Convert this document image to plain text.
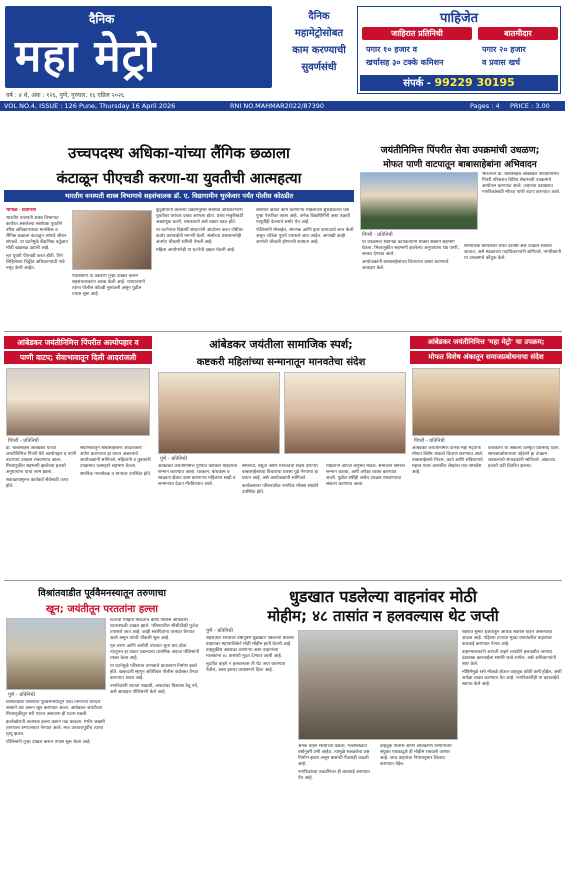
दैनिक
महा मेट्रो
दैनिक
महामेट्रोसोबत
काम करण्याची
सुवर्णसंधी
पाहिजेत
जाहिरात प्रतिनिधी	बातमीदार
पगार १० हजार व	पगार २० हजार
खर्चासह ३० टक्के कमिशन	व प्रवास खर्च
संपर्क - 99229 30195
वर्ष : ४ थे, अंक : १२६, पुणे, गुरुवार, १६ एप्रिल २०२६
VOL NO.4, ISSUE : 126 Pune, Thursday 16 April 2026	RNI NO.MAHMAR2022/87390	Pages : 4 PRICE : 3.00
उच्चपदस्थ अधिका-यांच्या लैंगिक छळाला
कंटाळून पीएचडी करणा-या युवतीची आत्महत्या
भारतीय वनस्पती शास्त्र विभागाचे सहसंचालक डॉ. ए. विद्यागामीन भुरकेवार पर्यंत पोलीस कोठडीत

भोपाळ - प्रतिनिधी

भारतीय वनस्पती शास्त्र विभागात कार्यरत असलेल्या संशोधक युवतीने वरिष्ठ अधिकाऱ्यांच्या मानसिक व लैंगिक छळाला कंटाळून आपले जीवन संपवले. या घटनेमुळे शैक्षणिक वर्तुळात मोठी खळबळ उडाली आहे.

मृत युवती पीएचडी करत होती. तिने लिहिलेल्या चिठ्ठीत अधिकाऱ्यांची नावे नमूद केली आहेत.

पोलिसांनी या प्रकरणी गुन्हा दाखल करून सहसंचालकांना अटक केली आहे. न्यायालयाने त्यांना पोलीस कोठडी सुनावली असून पुढील तपास सुरू आहे.

कुटुंबीयांनी केलेल्या तक्रारीनुसार संबंधित अधिकाऱ्यांनी युवतीवर वारंवार दबाव आणला होता. प्रबंध मंजुरीसाठी अडवणूक करणे, धमकावणे असे प्रकार घडत होते.

या घटनेनंतर विद्यार्थी संघटनांनी आंदोलन करत दोषींवर कठोर कारवाईची मागणी केली. संस्थेच्या प्रशासनानेही अंतर्गत चौकशी समिती नेमली आहे.

महिला आयोगानेही या घटनेची दखल घेतली आहे.

संशोधन क्षेत्रात काम करणाऱ्या महिलांच्या सुरक्षिततेचा प्रश्न पुन्हा ऐरणीवर आला आहे. अनेक विद्यार्थिनींनी अशा तक्रारी यापूर्वीही केल्याचे समोर येत आहे.

पोलिसांनी मोबाईल, संगणक आणि इतर कागदपत्रे जप्त केली असून तांत्रिक पुरावे तपासले जात आहेत. आणखी काही जणांची चौकशी होण्याची शक्यता आहे.

जयंतीनिमित्त पिंपरीत सेवा उपक्रमांची उधळण;
मोफत पाणी वाटपातून बाबासाहेबांना अभिवादन
पिंपरी - प्रतिनिधी

भारतरत्न डॉ. बाबासाहेब आंबेडकर जयंतीनिमित्त पिंपरी परिसरात विविध सेवाभावी उपक्रमांचे आयोजन करण्यात आले. उन्हाच्या तडाख्यात नागरिकांसाठी मोफत पाणी वाटप करण्यात आले.

या उपक्रमात स्थानिक कार्यकर्त्यांनी मोठ्या संख्येने सहभाग घेतला. मिरवणुकीत सहभागी झालेल्या अनुयायांना थंड पाणी, सरबत देण्यात आले.

आयोजकांनी बाबासाहेबांच्या विचारांचा प्रसार करण्याचे आवाहन केले.

सामाजिक बांधिलकी जपत दरवर्षी असे उपक्रम राबवले जातात, असे मंडळाच्या पदाधिकाऱ्यांनी सांगितले. नागरिकांनी या उपक्रमाचे कौतुक केले.

आंबेडकर जयंतीनिमित्त पिंपरीत अल्पोपहार व
पाणी वाटप; सेवाभावातून दिली आदरांजली
पिंपरी - प्रतिनिधी

डॉ. बाबासाहेब आंबेडकर यांच्या जयंतीनिमित्त पिंपरी येथे अल्पोपहार व पाणी वाटपाचा उपक्रम राबवण्यात आला. मिरवणुकीत सहभागी झालेल्या हजारो अनुयायांना याचा लाभ झाला.

सकाळपासूनच कार्यकर्ते सेवेसाठी तत्पर होते.

सेवाभावातून बाबासाहेबांना आदरांजली अर्पण करण्याचा हा प्रयत्न असल्याचे आयोजकांनी सांगितले. महिलांनी व युवकांनी उपक्रमात उत्साहाने सहभाग घेतला.

स्थानिक नगरसेवक व मान्यवर उपस्थित होते.

आंबेडकर जयंतीला सामाजिक स्पर्श;
कष्टकरी महिलांच्या सन्मानातून मानवतेचा संदेश
पुणे - प्रतिनिधी

आंबेडकर जयंतीनिमित्त पुण्यात कष्टकरी महिलांचा सन्मान करण्यात आला. घरकाम, बांधकाम व स्वच्छता क्षेत्रात काम करणाऱ्या महिलांना साडी व सन्मानपत्र देऊन गौरविण्यात आले.

समानता, बंधुता आणि मानवतेचा संदेश देणाऱ्या बाबासाहेबांच्या विचारांचा वारसा पुढे नेण्याचा हा प्रयत्न आहे, असे आयोजकांनी सांगितले.

कार्यक्रमाला परिसरातील नागरिक मोठ्या संख्येने उपस्थित होते.

महिलांनी आपले अनुभव मांडले. समाजाने श्रमाचा सन्मान करावा, अशी अपेक्षा व्यक्त करण्यात आली. पुढील वर्षीही असेच उपक्रम राबवण्याचा संकल्प करण्यात आला.

आंबेडकर जयंतीनिमित्त 'महा मेट्रो' चा उपक्रम;
मोफत विशेष अंकातून समाजप्रबोधनाचा संदेश
पिंपरी - प्रतिनिधी

आंबेडकर जयंतीनिमित्त दैनिक महा मेट्रोतर्फे मोफत विशेष अंकाचे वितरण करण्यात आले. बाबासाहेबांचे विचार, कार्य आणि संविधानाचे महत्त्व यावर आधारित लेखांचा यात समावेश आहे.

वाचकांनी या अंकाला उत्स्फूर्त प्रतिसाद दिला. समाजप्रबोधनाच्या उद्देशाने हा उपक्रम राबवल्याचे संपादकांनी सांगितले. अंकाच्या हजारो प्रती वितरित झाल्या.

विश्रांतवाडीत पूर्ववैमनस्यातून तरुणाचा
खून; जयंतीतून परततांना हल्ला
पुणे - प्रतिनिधी

विश्रांतवाडी परिसरात पूर्ववैमनस्यातून एका तरुणाचा धारदार शस्त्राने वार करून खून करण्यात आला. आंबेडकर जयंतीच्या मिरवणुकीतून घरी परतत असताना ही घटना घडली.

हल्लेखोरांनी अचानक हल्ला करून पळ काढला. गंभीर जखमी तरुणाला रुग्णालयात नेण्यात आले, मात्र उपचारापूर्वीच त्याचा मृत्यू झाला.

पोलिसांनी गुन्हा दाखल करून तपास सुरू केला आहे.

घटनेची माहिती मिळताच वरिष्ठ पोलीस अधिकारी घटनास्थळी दाखल झाले. परिसरातील सीसीटीव्ही फुटेज तपासले जात आहे. काही संशयितांना ताब्यात घेण्यात आले असून त्यांची चौकशी सुरू आहे.

मृत तरुण आणि आरोपी यांच्यात जुना वाद होता. त्यातूनच हा प्रकार घडल्याचा प्राथमिक अंदाज पोलिसांनी व्यक्त केला आहे.

या घटनेमुळे परिसरात तणावाचे वातावरण निर्माण झाले होते. खबरदारी म्हणून अतिरिक्त पोलीस बंदोबस्त तैनात करण्यात आला आहे.

नागरिकांनी शांतता राखावी, अफवांवर विश्वास ठेवू नये, असे आवाहन पोलिसांनी केले आहे.

धुडखात पडलेल्या वाहनांवर मोठी
मोहीम; ४८ तासांत न हलवल्यास थेट जप्ती
पुणे - प्रतिनिधी

शहरातील रस्त्यांवर वर्षानुवर्षे धूळखात पडलेल्या बेवारस वाहनांवर महापालिकेने मोठी मोहीम हाती घेतली आहे. वाहतुकीस अडथळा ठरणाऱ्या अशा वाहनांच्या मालकांना ४८ तासांची मुदत देण्यात आली आहे.

मुदतीत वाहने न हलवल्यास ती थेट जप्त करण्यात येतील, असा इशारा प्रशासनाने दिला आहे.

अनेक वाहने रस्त्याच्या कडेला, गल्लीबोळात वर्षानुवर्षे उभी आहेत. त्यामुळे स्वच्छतेचा प्रश्न निर्माण झाला असून डासांची पैदासही वाढली आहे.

नागरिकांच्या तक्रारींनंतर ही कारवाई करण्यात येत आहे.

वाहतूक पोलीस आणि अतिक्रमण विभागाच्या संयुक्त पथकाद्वारे ही मोहीम राबवली जाणार आहे. जप्त वाहनांचा नियमानुसार लिलाव करण्यात येईल.

शहरात सुमारे हजाराहून अधिक बेवारस वाहने असल्याचा अंदाज आहे. पहिल्या टप्प्यात मुख्य रस्त्यांवरील वाहनांवर कारवाई करण्यात येणार आहे.

वाहनमालकांनी आपली वाहने तातडीने हलवावीत अन्यथा दंडात्मक कारवाईला सामोरे जावे लागेल, असे अधिकाऱ्यांनी स्पष्ट केले.

मोहिमेमुळे रस्ते मोकळे होऊन वाहतूक कोंडी कमी होईल, अशी अपेक्षा व्यक्त करण्यात येत आहे. नागरिकांनीही या कारवाईचे स्वागत केले आहे.
